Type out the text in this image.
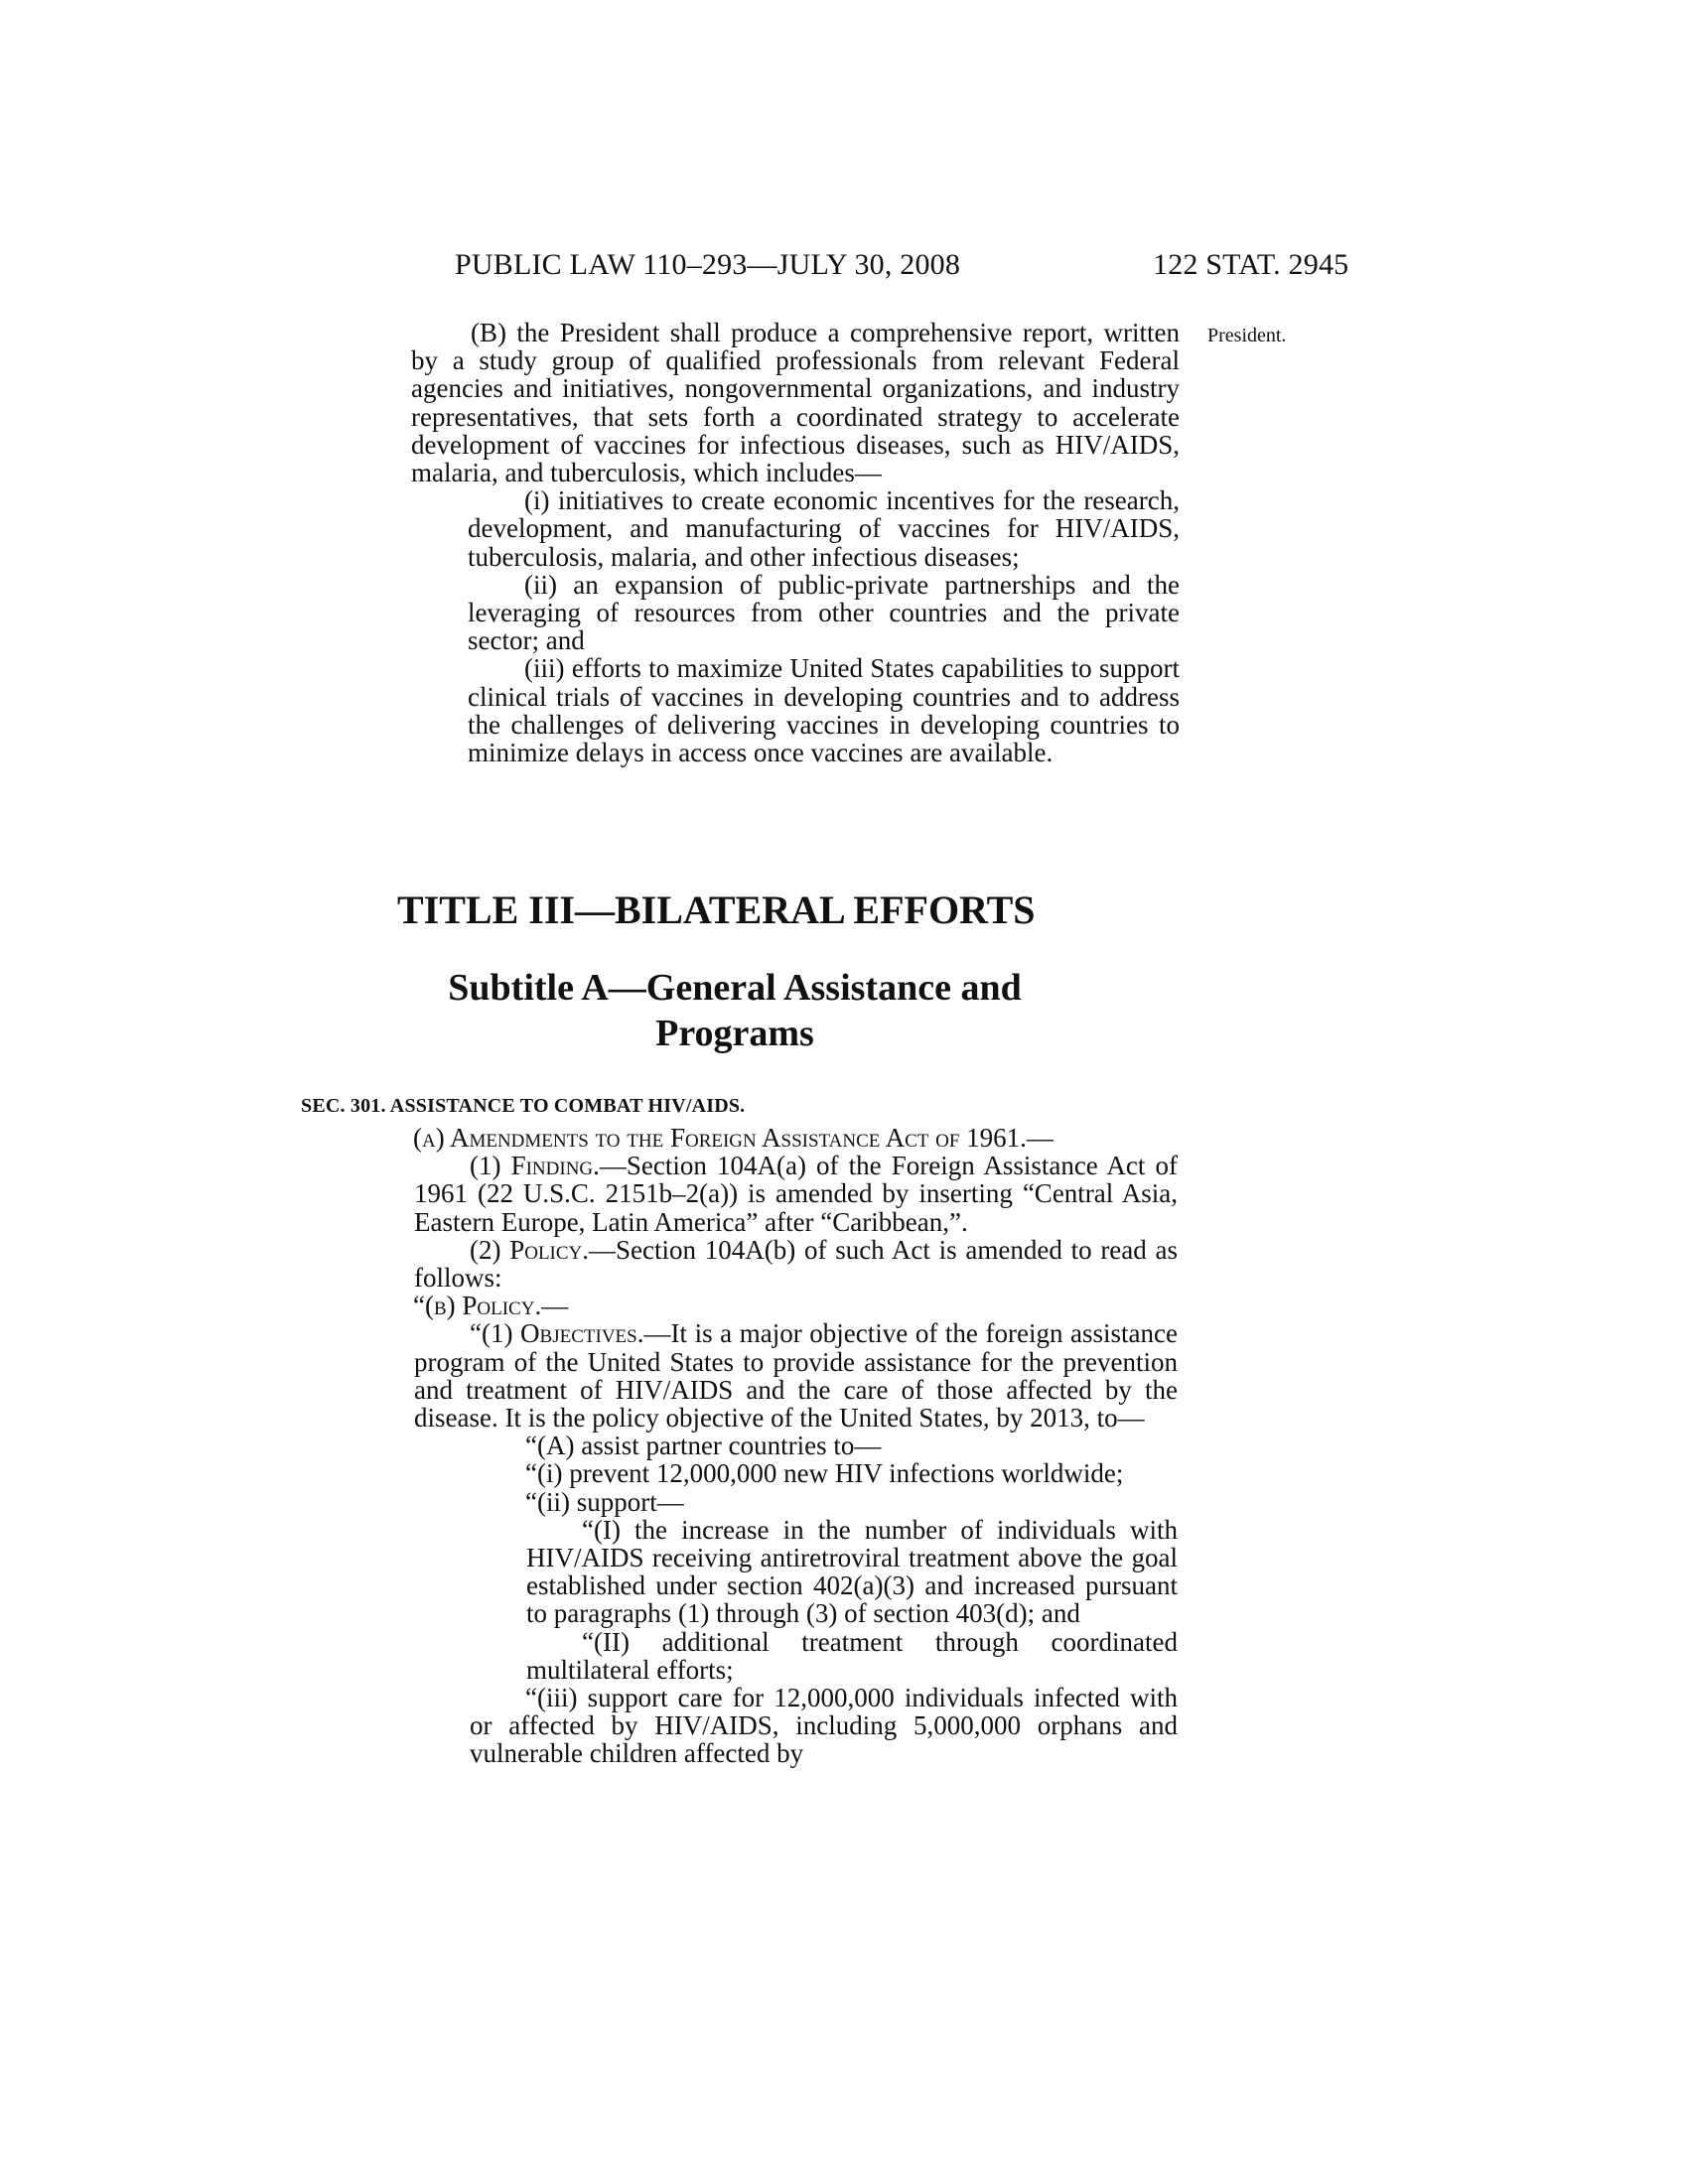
PUBLIC LAW 110–293—JULY 30, 2008	122 STAT. 2945
President.

(B) the President shall produce a comprehensive report, written by a study group of qualified professionals from relevant Federal agencies and initiatives, nongovernmental organizations, and industry representatives, that sets forth a coordinated strategy to accelerate development of vaccines for infectious diseases, such as HIV/AIDS, malaria, and tuberculosis, which includes—

(i) initiatives to create economic incentives for the research, development, and manufacturing of vaccines for HIV/AIDS, tuberculosis, malaria, and other infectious diseases;

(ii) an expansion of public-private partnerships and the leveraging of resources from other countries and the private sector; and

(iii) efforts to maximize United States capabilities to support clinical trials of vaccines in developing countries and to address the challenges of delivering vaccines in developing countries to minimize delays in access once vaccines are available.

TITLE III—BILATERAL EFFORTS
Subtitle A—General Assistance and
Programs
SEC. 301. ASSISTANCE TO COMBAT HIV/AIDS.

(a) Amendments to the Foreign Assistance Act of 1961.—

(1) Finding.—Section 104A(a) of the Foreign Assistance Act of 1961 (22 U.S.C. 2151b–2(a)) is amended by inserting “Central Asia, Eastern Europe, Latin America” after “Caribbean,”.

(2) Policy.—Section 104A(b) of such Act is amended to read as follows:

“(b) Policy.—

“(1) Objectives.—It is a major objective of the foreign assistance program of the United States to provide assistance for the prevention and treatment of HIV/AIDS and the care of those affected by the disease. It is the policy objective of the United States, by 2013, to—

“(A) assist partner countries to—

“(i) prevent 12,000,000 new HIV infections worldwide;

“(ii) support—

“(I) the increase in the number of individuals with HIV/AIDS receiving antiretroviral treatment above the goal established under section 402(a)(3) and increased pursuant to paragraphs (1) through (3) of section 403(d); and

“(II) additional treatment through coordinated multilateral efforts;

“(iii) support care for 12,000,000 individuals infected with or affected by HIV/AIDS, including 5,000,000 orphans and vulnerable children affected by
